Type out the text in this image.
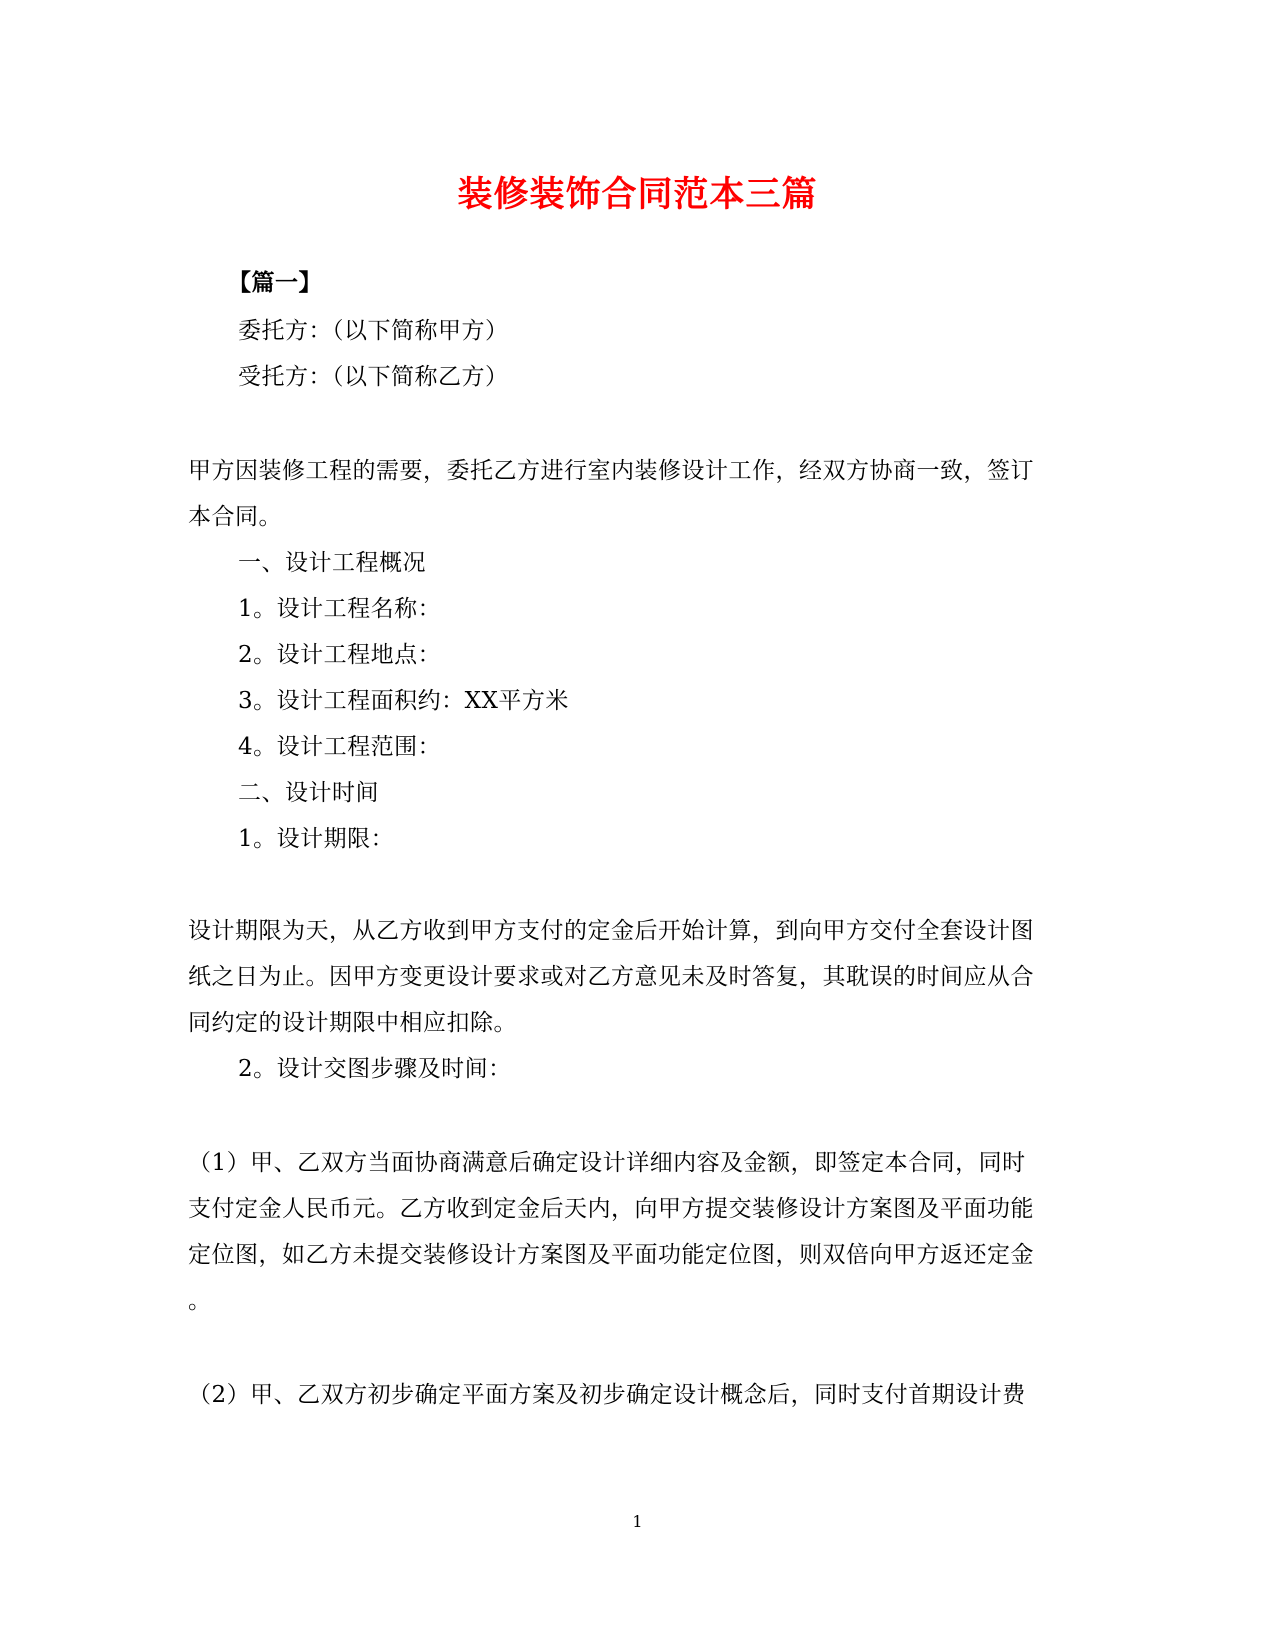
装修装饰合同范本三篇
【篇一】
委托方：（以下简称甲方）
受托方：（以下简称乙方）
甲方因装修工程的需要，委托乙方进行室内装修设计工作，经双方协商一致，签订
本合同。
一、设计工程概况
1。设计工程名称：
2。设计工程地点：
3。设计工程面积约：XX平方米
4。设计工程范围：
二、设计时间
1。设计期限：
设计期限为天，从乙方收到甲方支付的定金后开始计算，到向甲方交付全套设计图
纸之日为止。因甲方变更设计要求或对乙方意见未及时答复，其耽误的时间应从合
同约定的设计期限中相应扣除。
2。设计交图步骤及时间：
（1）甲、乙双方当面协商满意后确定设计详细内容及金额，即签定本合同，同时
支付定金人民币元。乙方收到定金后天内，向甲方提交装修设计方案图及平面功能
定位图，如乙方未提交装修设计方案图及平面功能定位图，则双倍向甲方返还定金
。
（2）甲、乙双方初步确定平面方案及初步确定设计概念后，同时支付首期设计费
1
